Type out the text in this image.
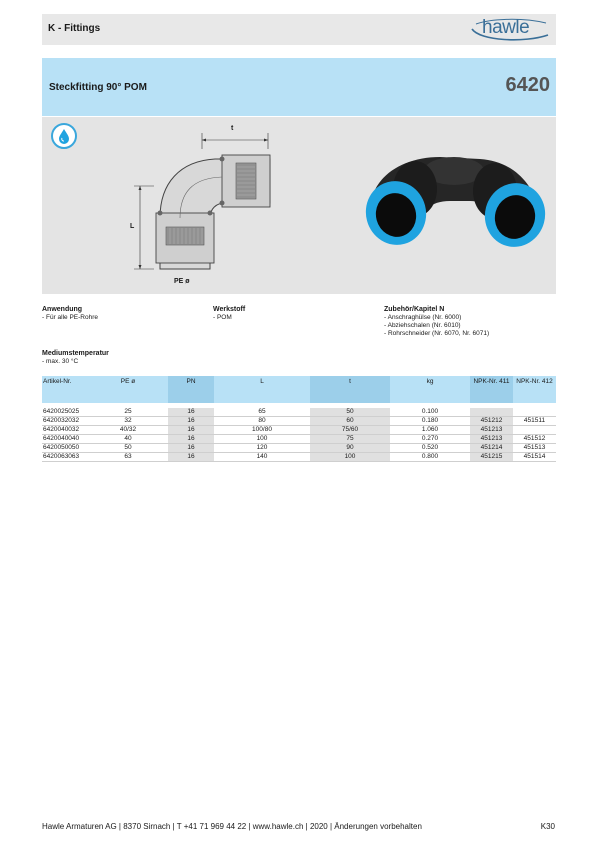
K - Fittings	hawle
Steckfitting 90° POM	6420
t
L
PE ø
Anwendung
- Für alle PE-Rohre
Werkstoff
- POM
Zubehör/Kapitel N
- Anschraghülse (Nr. 6000)
- Abziehschalen (Nr. 6010)
- Rohrschneider (Nr. 6070, Nr. 6071)
Mediumstemperatur
- max. 30 °C
Artikel-Nr.	PE ø	PN	L	t	kg	NPK-Nr. 411	NPK-Nr. 412

6420025025	25	16	65	50	0.100		
6420032032	32	16	80	60	0.180	451212	451511
6420040032	40/32	16	100/80	75/60	1.060	451213	
6420040040	40	16	100	75	0.270	451213	451512
6420050050	50	16	120	90	0.520	451214	451513
6420063063	63	16	140	100	0.800	451215	451514
Hawle Armaturen AG | 8370 Sirnach | T +41 71 969 44 22 | www.hawle.ch | 2020 | Änderungen vorbehalten	K30
